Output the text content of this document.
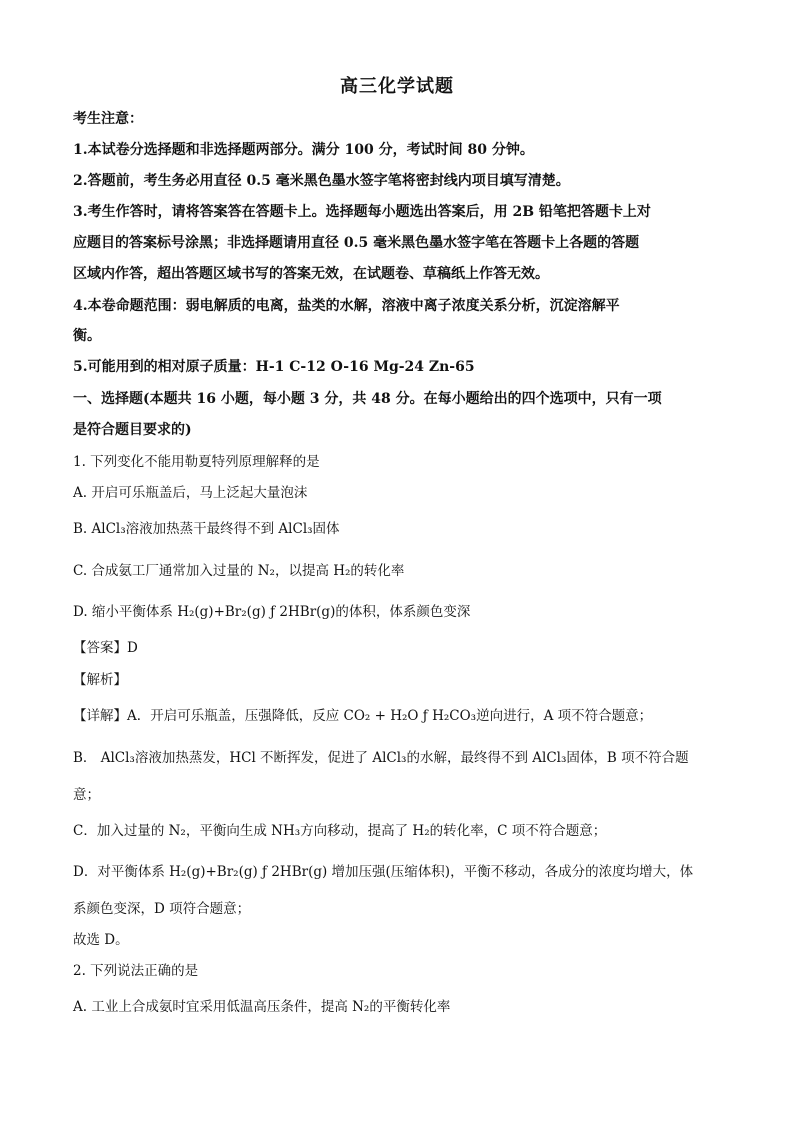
高三化学试题
考生注意：
1.本试卷分选择题和非选择题两部分。满分 100 分，考试时间 80 分钟。
2.答题前，考生务必用直径 0.5 毫米黑色墨水签字笔将密封线内项目填写清楚。
3.考生作答时，请将答案答在答题卡上。选择题每小题选出答案后，用 2B 铅笔把答题卡上对
应题目的答案标号涂黑；非选择题请用直径 0.5 毫米黑色墨水签字笔在答题卡上各题的答题
区域内作答，超出答题区域书写的答案无效，在试题卷、草稿纸上作答无效。
4.本卷命题范围：弱电解质的电离，盐类的水解，溶液中离子浓度关系分析，沉淀溶解平
衡。
5.可能用到的相对原子质量：H-1 C-12 O-16 Mg-24 Zn-65
一、选择题(本题共 16 小题，每小题 3 分，共 48 分。在每小题给出的四个选项中，只有一项
是符合题目要求的)
1. 下列变化不能用勒夏特列原理解释的是
A. 开启可乐瓶盖后，马上泛起大量泡沫
B. AlCl₃溶液加热蒸干最终得不到 AlCl₃固体
C. 合成氨工厂通常加入过量的 N₂，以提高 H₂的转化率
D. 缩小平衡体系 H₂(g)+Br₂(g) ƒ 2HBr(g)的体积，体系颜色变深
【答案】D
【解析】
【详解】A．开启可乐瓶盖，压强降低，反应 CO₂ + H₂O ƒ H₂CO₃逆向进行，A 项不符合题意；
B． AlCl₃溶液加热蒸发，HCl 不断挥发，促进了 AlCl₃的水解，最终得不到 AlCl₃固体，B 项不符合题
意；
C．加入过量的 N₂，平衡向生成 NH₃方向移动，提高了 H₂的转化率，C 项不符合题意；
D．对平衡体系 H₂(g)+Br₂(g) ƒ 2HBr(g) 增加压强(压缩体积)，平衡不移动，各成分的浓度均增大，体
系颜色变深，D 项符合题意；
故选 D。
2. 下列说法正确的是
A. 工业上合成氨时宜采用低温高压条件，提高 N₂的平衡转化率
